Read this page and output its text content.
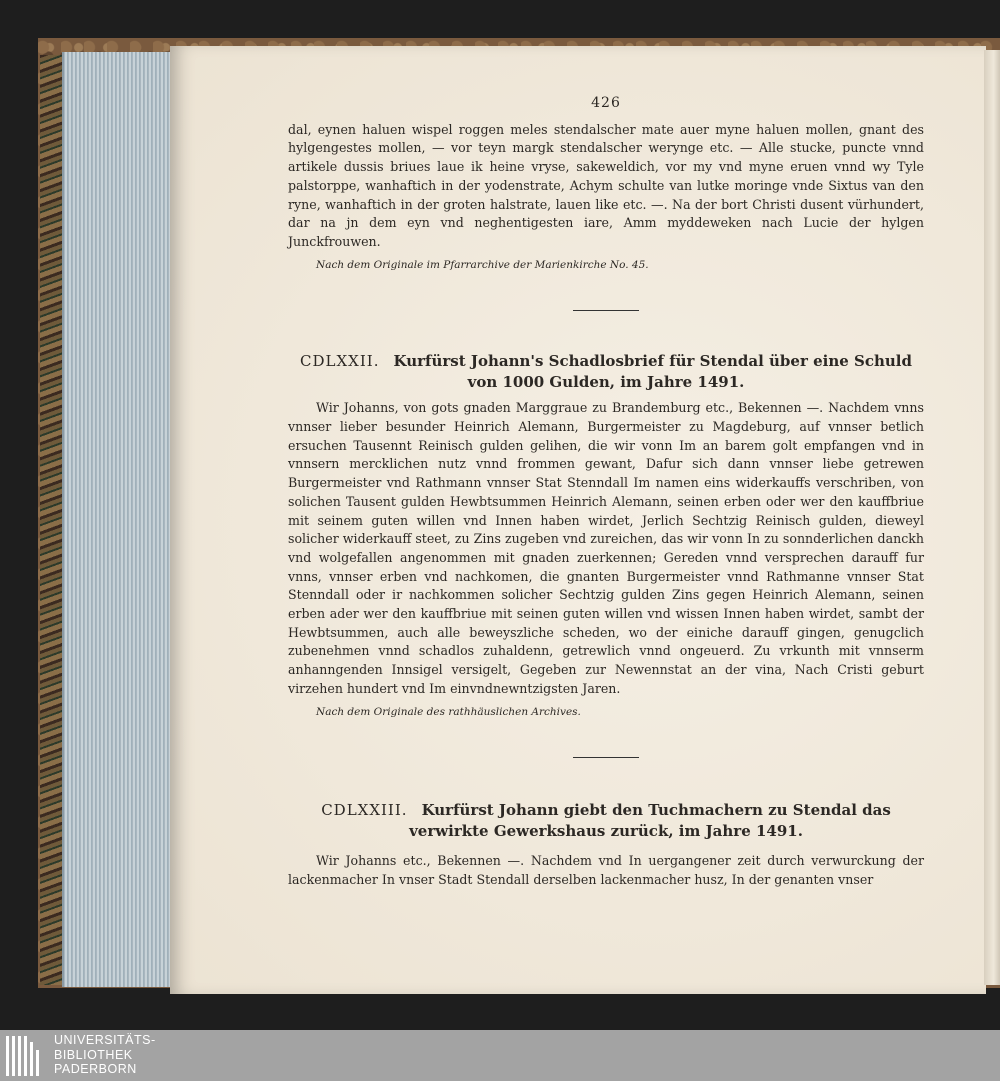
426

dal, eynen haluen wispel roggen meles stendalscher mate auer myne haluen mollen, gnant des hylgengestes mollen, — vor teyn margk stendalscher werynge etc. — Alle stucke, puncte vnnd artikele dussis briues laue ik heine vryse, sakeweldich, vor my vnd myne eruen vnnd wy Tyle palstorppe, wanhaftich in der yodenstrate, Achym schulte van lutke moringe vnde Sixtus van den ryne, wanhaftich in der groten halstrate, lauen like etc. —. Na der bort Christi dusent vürhundert, dar na jn dem eyn vnd neghentigesten iare, Amm myddeweken nach Lucie der hylgen Junckfrouwen.

Nach dem Originale im Pfarrarchive der Marienkirche No. 45.
CDLXXII. Kurfürst Johann's Schadlosbrief für Stendal über eine Schuld von 1000 Gulden, im Jahre 1491.

Wir Johanns, von gots gnaden Marggraue zu Brandemburg etc., Bekennen —. Nachdem vnns vnnser lieber besunder Heinrich Alemann, Burgermeister zu Magdeburg, auf vnnser betlich ersuchen Tausennt Reinisch gulden gelihen, die wir vonn Im an barem golt empfangen vnd in vnnsern mercklichen nutz vnnd frommen gewant, Dafur sich dann vnnser liebe getrewen Burgermeister vnd Rathmann vnnser Stat Stenndall Im namen eins widerkauffs verschriben, von solichen Tausent gulden Hewbtsummen Heinrich Alemann, seinen erben oder wer den kauffbriue mit seinem guten willen vnd Innen haben wirdet, Jerlich Sechtzig Reinisch gulden, dieweyl solicher widerkauff steet, zu Zins zugeben vnd zureichen, das wir vonn In zu sonnderlichen danckh vnd wolgefallen angenommen mit gnaden zuerkennen; Gereden vnnd versprechen darauff fur vnns, vnnser erben vnd nachkomen, die gnanten Burgermeister vnnd Rathmanne vnnser Stat Stenndall oder ir nachkommen solicher Sechtzig gulden Zins gegen Heinrich Alemann, seinen erben ader wer den kauffbriue mit seinen guten willen vnd wissen Innen haben wirdet, sambt der Hewbtsummen, auch alle beweyszliche scheden, wo der einiche darauff gingen, genugclich zubenehmen vnnd schadlos zuhaldenn, getrewlich vnnd ongeuerd. Zu vrkunth mit vnnserm anhanngenden Innsigel versigelt, Gegeben zur Newennstat an der vina, Nach Cristi geburt virzehen hundert vnd Im einvndnewntzigsten Jaren.

Nach dem Originale des rathhäuslichen Archives.
CDLXXIII. Kurfürst Johann giebt den Tuchmachern zu Stendal das verwirkte Gewerkshaus zurück, im Jahre 1491.

Wir Johanns etc., Bekennen —. Nachdem vnd In uergangener zeit durch verwurckung der lackenmacher In vnser Stadt Stendall derselben lackenmacher husz, In der genanten vnser

UNIVERSITÄTS-
BIBLIOTHEK
PADERBORN
